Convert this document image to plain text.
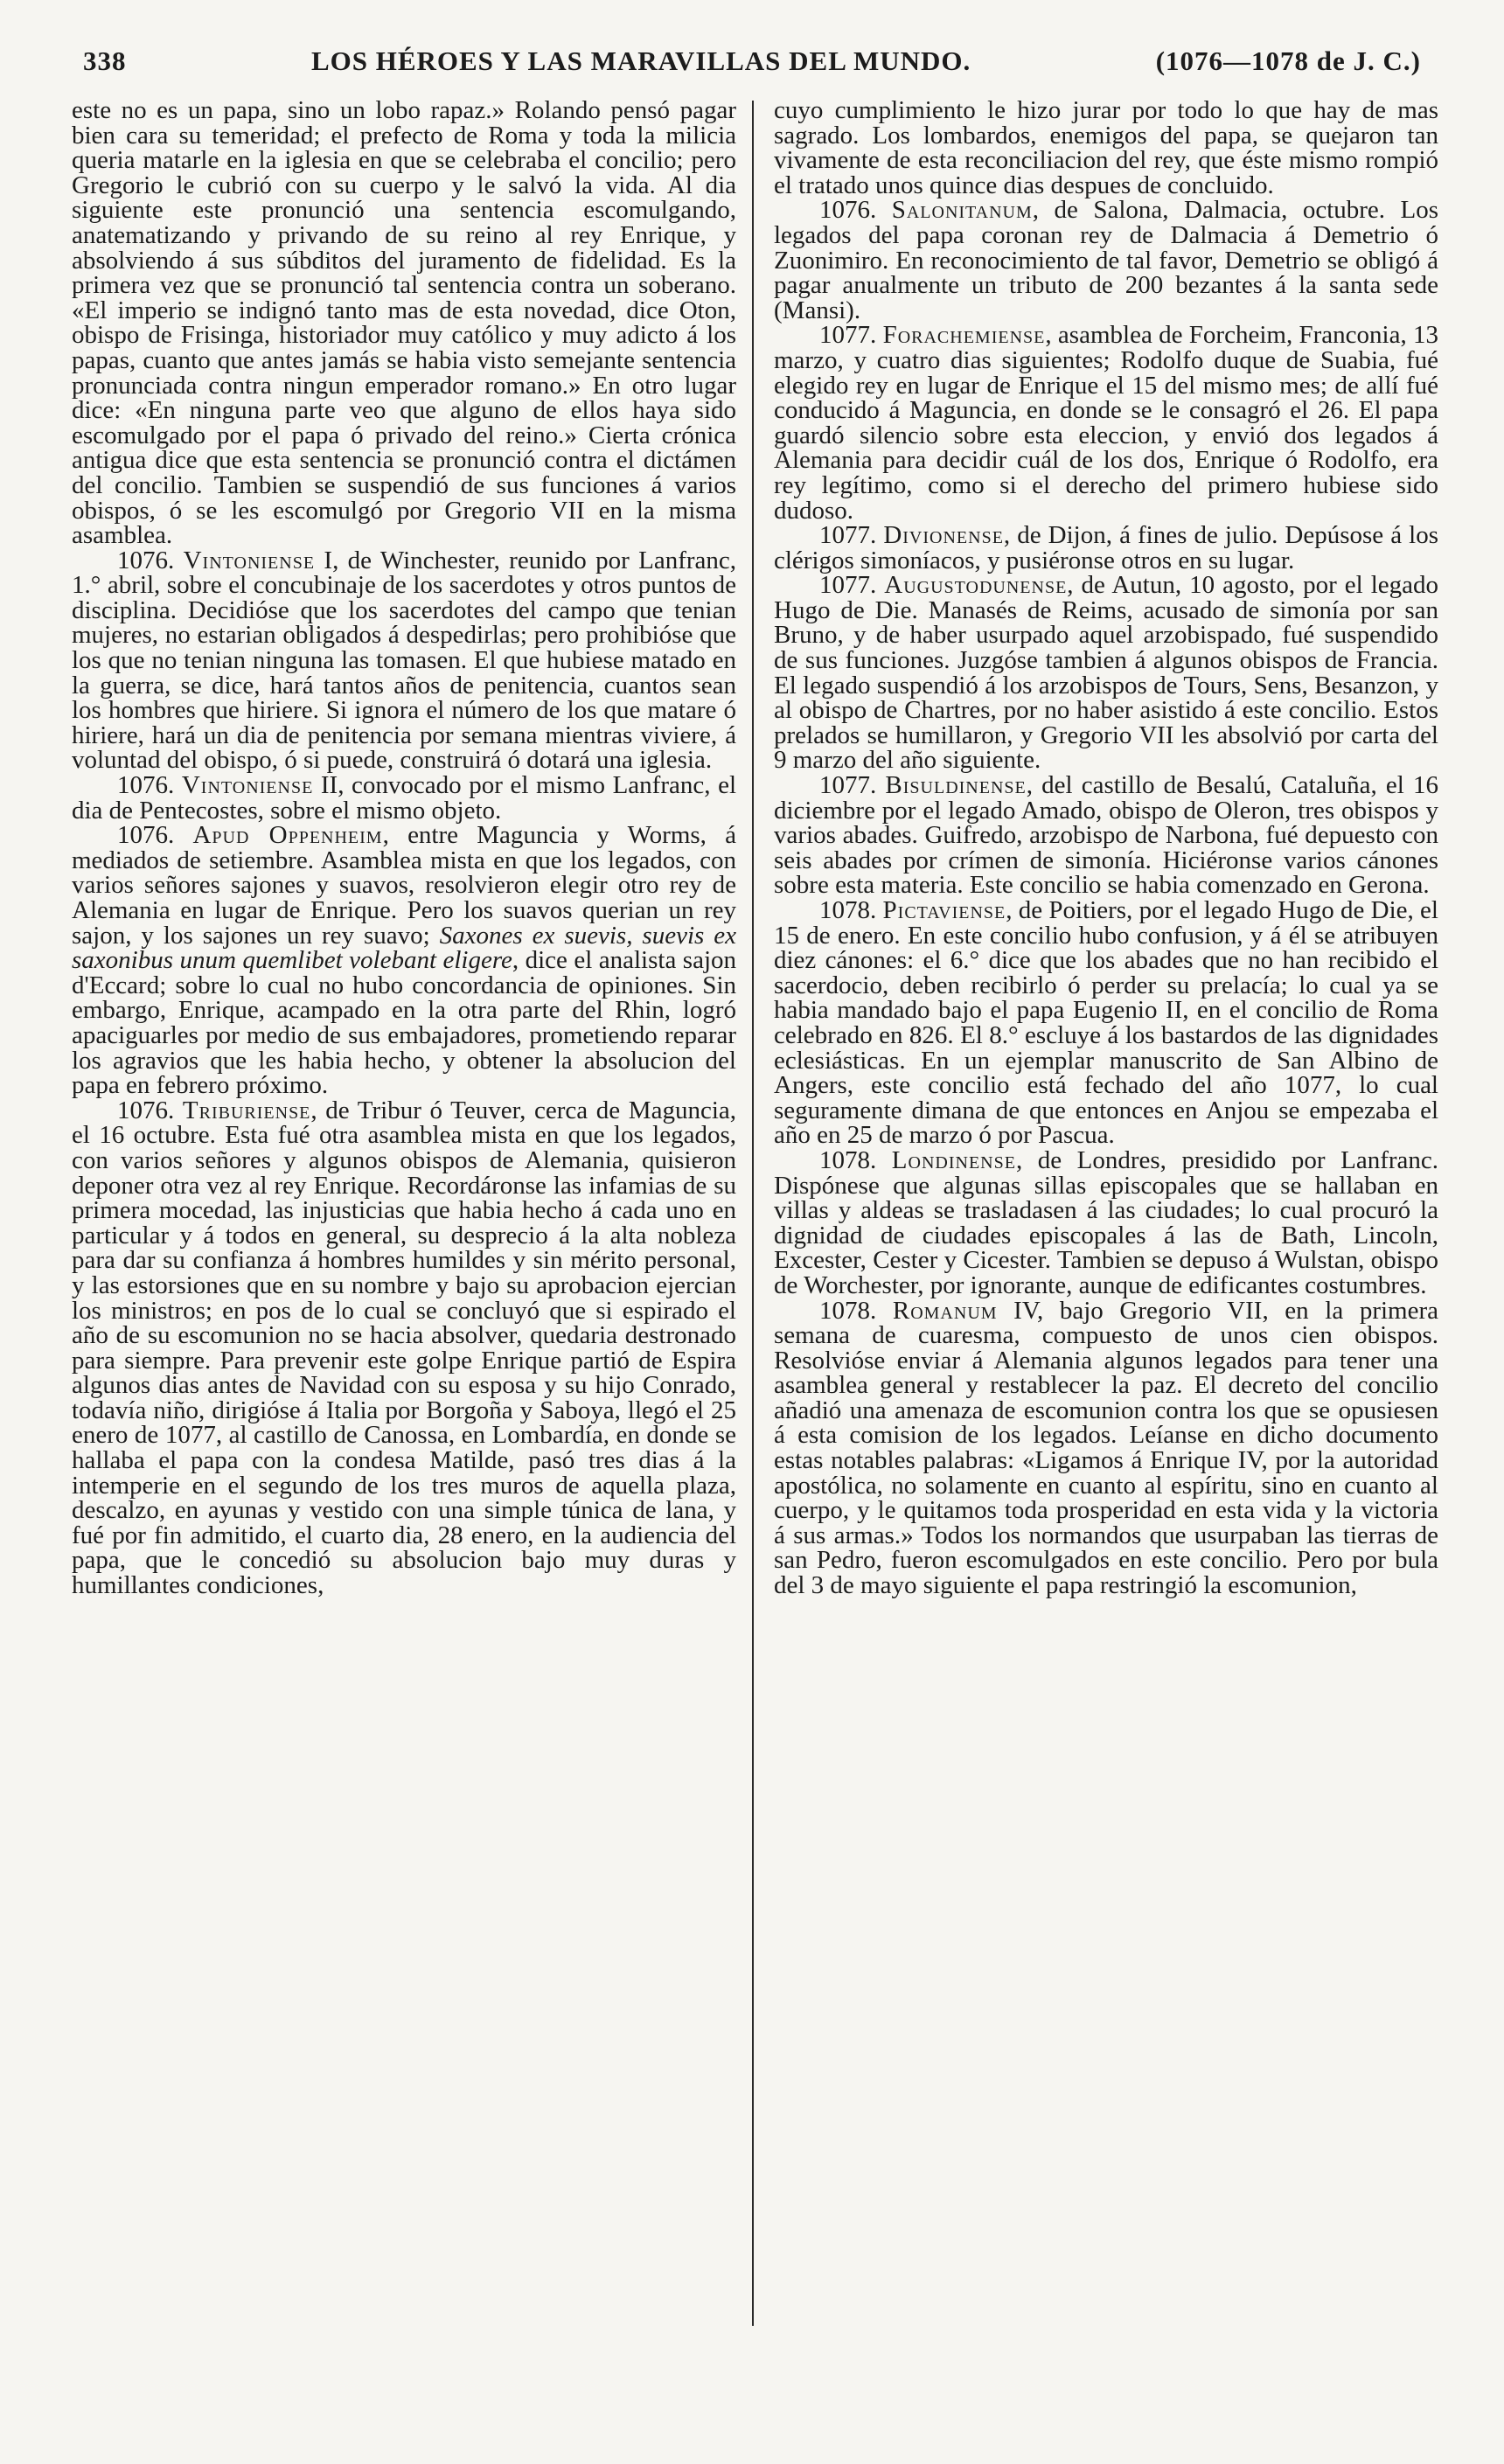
338	LOS HÉROES Y LAS MARAVILLAS DEL MUNDO.	(1076—1078 de J. C.)

este no es un papa, sino un lobo rapaz.» Rolando pensó pagar bien cara su temeridad; el prefecto de Roma y toda la milicia queria matarle en la iglesia en que se celebraba el concilio; pero Gregorio le cubrió con su cuerpo y le salvó la vida. Al dia siguiente este pronunció una sentencia escomulgando, anatematizando y privando de su reino al rey Enrique, y absolviendo á sus súbditos del juramento de fidelidad. Es la primera vez que se pronunció tal sentencia contra un soberano. «El imperio se indignó tanto mas de esta novedad, dice Oton, obispo de Frisinga, historiador muy católico y muy adicto á los papas, cuanto que antes jamás se habia visto semejante sentencia pronunciada contra ningun emperador romano.» En otro lugar dice: «En ninguna parte veo que alguno de ellos haya sido escomulgado por el papa ó privado del reino.» Cierta crónica antigua dice que esta sentencia se pronunció contra el dictámen del concilio. Tambien se suspendió de sus funciones á varios obispos, ó se les escomulgó por Gregorio VII en la misma asamblea.

1076. Vintoniense I, de Winchester, reunido por Lanfranc, 1.° abril, sobre el concubinaje de los sacerdotes y otros puntos de disciplina. Decidióse que los sacerdotes del campo que tenian mujeres, no estarian obligados á despedirlas; pero prohibióse que los que no tenian ninguna las tomasen. El que hubiese matado en la guerra, se dice, hará tantos años de penitencia, cuantos sean los hombres que hiriere. Si ignora el número de los que matare ó hiriere, hará un dia de penitencia por semana mientras viviere, á voluntad del obispo, ó si puede, construirá ó dotará una iglesia.

1076. Vintoniense II, convocado por el mismo Lanfranc, el dia de Pentecostes, sobre el mismo objeto.

1076. Apud Oppenheim, entre Maguncia y Worms, á mediados de setiembre. Asamblea mista en que los legados, con varios señores sajones y suavos, resolvieron elegir otro rey de Alemania en lugar de Enrique. Pero los suavos querian un rey sajon, y los sajones un rey suavo; Saxones ex suevis, suevis ex saxonibus unum quemlibet volebant eligere, dice el analista sajon d'Eccard; sobre lo cual no hubo concordancia de opiniones. Sin embargo, Enrique, acampado en la otra parte del Rhin, logró apaciguarles por medio de sus embajadores, prometiendo reparar los agravios que les habia hecho, y obtener la absolucion del papa en febrero próximo.

1076. Triburiense, de Tribur ó Teuver, cerca de Maguncia, el 16 octubre. Esta fué otra asamblea mista en que los legados, con varios señores y algunos obispos de Alemania, quisieron deponer otra vez al rey Enrique. Recordáronse las infamias de su primera mocedad, las injusticias que habia hecho á cada uno en particular y á todos en general, su desprecio á la alta nobleza para dar su confianza á hombres humildes y sin mérito personal, y las estorsiones que en su nombre y bajo su aprobacion ejercian los ministros; en pos de lo cual se concluyó que si espirado el año de su escomunion no se hacia absolver, quedaria destronado para siempre. Para prevenir este golpe Enrique partió de Espira algunos dias antes de Navidad con su esposa y su hijo Conrado, todavía niño, dirigióse á Italia por Borgoña y Saboya, llegó el 25 enero de 1077, al castillo de Canossa, en Lombardía, en donde se hallaba el papa con la condesa Matilde, pasó tres dias á la intemperie en el segundo de los tres muros de aquella plaza, descalzo, en ayunas y vestido con una simple túnica de lana, y fué por fin admitido, el cuarto dia, 28 enero, en la audiencia del papa, que le concedió su absolucion bajo muy duras y humillantes condiciones,

cuyo cumplimiento le hizo jurar por todo lo que hay de mas sagrado. Los lombardos, enemigos del papa, se quejaron tan vivamente de esta reconciliacion del rey, que éste mismo rompió el tratado unos quince dias despues de concluido.

1076. Salonitanum, de Salona, Dalmacia, octubre. Los legados del papa coronan rey de Dalmacia á Demetrio ó Zuonimiro. En reconocimiento de tal favor, Demetrio se obligó á pagar anualmente un tributo de 200 bezantes á la santa sede (Mansi).

1077. Forachemiense, asamblea de Forcheim, Franconia, 13 marzo, y cuatro dias siguientes; Rodolfo duque de Suabia, fué elegido rey en lugar de Enrique el 15 del mismo mes; de allí fué conducido á Maguncia, en donde se le consagró el 26. El papa guardó silencio sobre esta eleccion, y envió dos legados á Alemania para decidir cuál de los dos, Enrique ó Rodolfo, era rey legítimo, como si el derecho del primero hubiese sido dudoso.

1077. Divionense, de Dijon, á fines de julio. Depúsose á los clérigos simoníacos, y pusiéronse otros en su lugar.

1077. Augustodunense, de Autun, 10 agosto, por el legado Hugo de Die. Manasés de Reims, acusado de simonía por san Bruno, y de haber usurpado aquel arzobispado, fué suspendido de sus funciones. Juzgóse tambien á algunos obispos de Francia. El legado suspendió á los arzobispos de Tours, Sens, Besanzon, y al obispo de Chartres, por no haber asistido á este concilio. Estos prelados se humillaron, y Gregorio VII les absolvió por carta del 9 marzo del año siguiente.

1077. Bisuldinense, del castillo de Besalú, Cataluña, el 16 diciembre por el legado Amado, obispo de Oleron, tres obispos y varios abades. Guifredo, arzobispo de Narbona, fué depuesto con seis abades por crímen de simonía. Hiciéronse varios cánones sobre esta materia. Este concilio se habia comenzado en Gerona.

1078. Pictaviense, de Poitiers, por el legado Hugo de Die, el 15 de enero. En este concilio hubo confusion, y á él se atribuyen diez cánones: el 6.° dice que los abades que no han recibido el sacerdocio, deben recibirlo ó perder su prelacía; lo cual ya se habia mandado bajo el papa Eugenio II, en el concilio de Roma celebrado en 826. El 8.° escluye á los bastardos de las dignidades eclesiásticas. En un ejemplar manuscrito de San Albino de Angers, este concilio está fechado del año 1077, lo cual seguramente dimana de que entonces en Anjou se empezaba el año en 25 de marzo ó por Pascua.

1078. Londinense, de Londres, presidido por Lanfranc. Dispónese que algunas sillas episcopales que se hallaban en villas y aldeas se trasladasen á las ciudades; lo cual procuró la dignidad de ciudades episcopales á las de Bath, Lincoln, Excester, Cester y Cicester. Tambien se depuso á Wulstan, obispo de Worchester, por ignorante, aunque de edificantes costumbres.

1078. Romanum IV, bajo Gregorio VII, en la primera semana de cuaresma, compuesto de unos cien obispos. Resolvióse enviar á Alemania algunos legados para tener una asamblea general y restablecer la paz. El decreto del concilio añadió una amenaza de escomunion contra los que se opusiesen á esta comision de los legados. Leíanse en dicho documento estas notables palabras: «Ligamos á Enrique IV, por la autoridad apostólica, no solamente en cuanto al espíritu, sino en cuanto al cuerpo, y le quitamos toda prosperidad en esta vida y la victoria á sus armas.» Todos los normandos que usurpaban las tierras de san Pedro, fueron escomulgados en este concilio. Pero por bula del 3 de mayo siguiente el papa restringió la escomunion,
